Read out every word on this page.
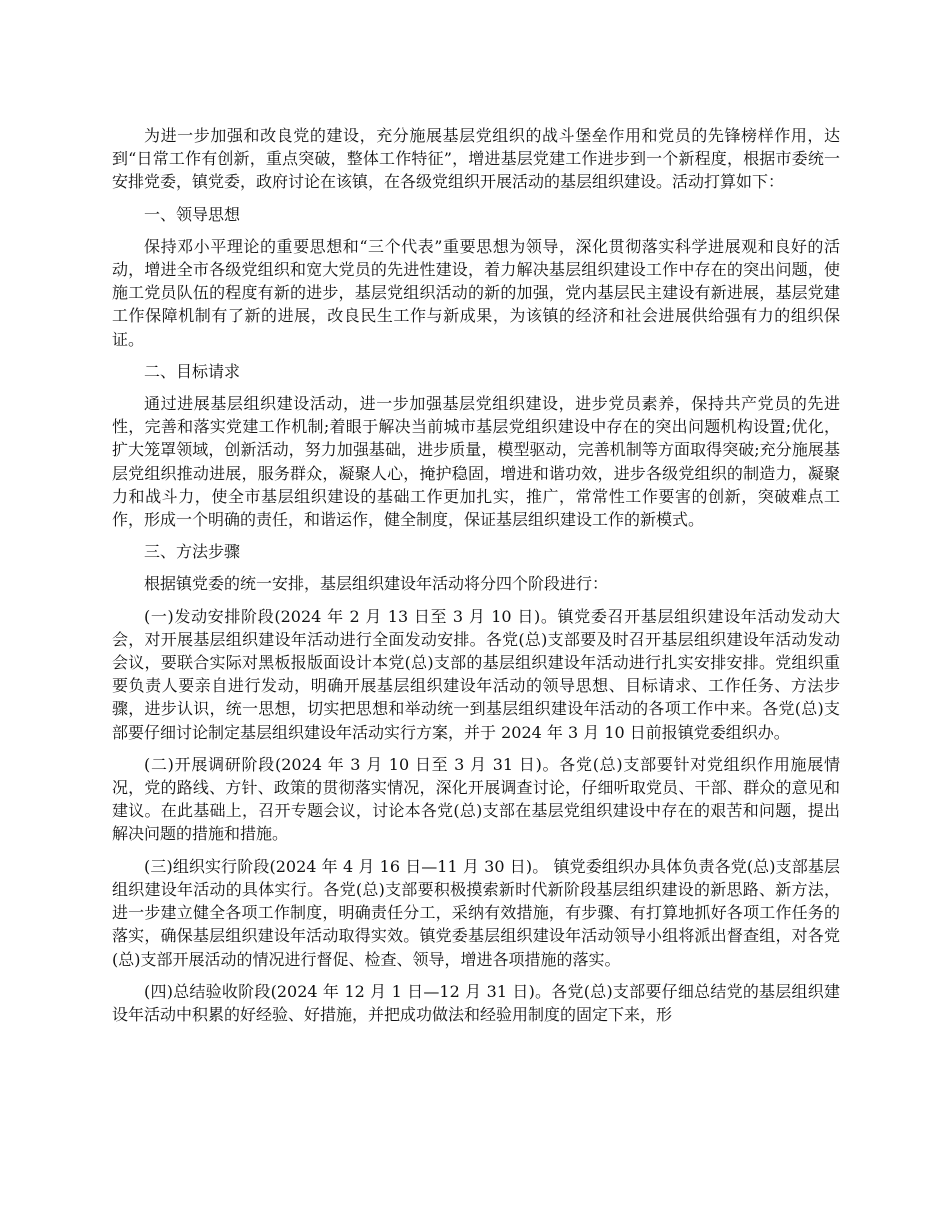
为进一步加强和改良党的建设，充分施展基层党组织的战斗堡垒作用和党员的先锋榜样作用，达到“日常工作有创新，重点突破，整体工作特征”，增进基层党建工作进步到一个新程度，根据市委统一安排党委，镇党委，政府讨论在该镇，在各级党组织开展活动的基层组织建设。活动打算如下：

一、领导思想

保持邓小平理论的重要思想和“三个代表”重要思想为领导，深化贯彻落实科学进展观和良好的活动，增进全市各级党组织和宽大党员的先进性建设，着力解决基层组织建设工作中存在的突出问题，使施工党员队伍的程度有新的进步，基层党组织活动的新的加强，党内基层民主建设有新进展，基层党建工作保障机制有了新的进展，改良民生工作与新成果，为该镇的经济和社会进展供给强有力的组织保证。

二、目标请求

通过进展基层组织建设活动，进一步加强基层党组织建设，进步党员素养，保持共产党员的先进性，完善和落实党建工作机制;着眼于解决当前城市基层党组织建设中存在的突出问题机构设置;优化，扩大笼罩领域，创新活动，努力加强基础，进步质量，模型驱动，完善机制等方面取得突破;充分施展基层党组织推动进展，服务群众，凝聚人心，掩护稳固，增进和谐功效，进步各级党组织的制造力，凝聚力和战斗力，使全市基层组织建设的基础工作更加扎实，推广，常常性工作要害的创新，突破难点工作，形成一个明确的责任，和谐运作，健全制度，保证基层组织建设工作的新模式。

三、方法步骤

根据镇党委的统一安排，基层组织建设年活动将分四个阶段进行：

(一)发动安排阶段(2024 年 2 月 13 日至 3 月 10 日)。镇党委召开基层组织建设年活动发动大会，对开展基层组织建设年活动进行全面发动安排。各党(总)支部要及时召开基层组织建设年活动发动会议，要联合实际对黑板报版面设计本党(总)支部的基层组织建设年活动进行扎实安排安排。党组织重要负责人要亲自进行发动，明确开展基层组织建设年活动的领导思想、目标请求、工作任务、方法步骤，进步认识，统一思想，切实把思想和举动统一到基层组织建设年活动的各项工作中来。各党(总)支部要仔细讨论制定基层组织建设年活动实行方案，并于 2024 年 3 月 10 日前报镇党委组织办。

(二)开展调研阶段(2024 年 3 月 10 日至 3 月 31 日)。各党(总)支部要针对党组织作用施展情况，党的路线、方针、政策的贯彻落实情况，深化开展调查讨论，仔细听取党员、干部、群众的意见和建议。在此基础上，召开专题会议，讨论本各党(总)支部在基层党组织建设中存在的艰苦和问题，提出解决问题的措施和措施。

(三)组织实行阶段(2024 年 4 月 16 日—11 月 30 日)。 镇党委组织办具体负责各党(总)支部基层组织建设年活动的具体实行。各党(总)支部要积极摸索新时代新阶段基层组织建设的新思路、新方法，进一步建立健全各项工作制度，明确责任分工，采纳有效措施，有步骤、有打算地抓好各项工作任务的落实，确保基层组织建设年活动取得实效。镇党委基层组织建设年活动领导小组将派出督查组，对各党(总)支部开展活动的情况进行督促、检查、领导，增进各项措施的落实。

(四)总结验收阶段(2024 年 12 月 1 日—12 月 31 日)。各党(总)支部要仔细总结党的基层组织建设年活动中积累的好经验、好措施，并把成功做法和经验用制度的固定下来，形
